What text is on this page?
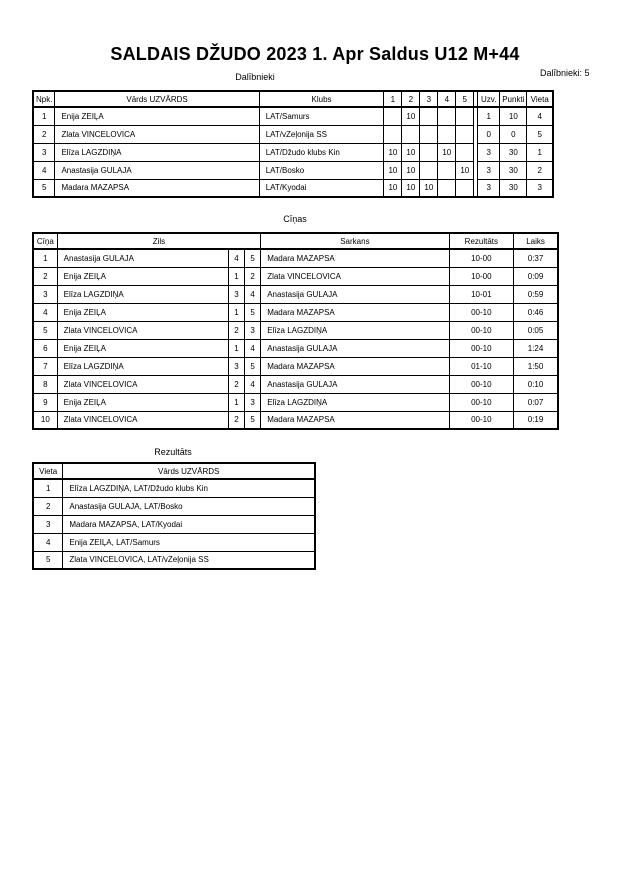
SALDAIS DŽUDO 2023 1. Apr Saldus U12 M+44
Dalībnieki	Dalībnieki: 5
Npk.	Vārds UZVĀRDS	Klubs	1	2	3	4	5		Uzv.	Punkti	Vieta
1	Enija ZEIĻA	LAT/Samurs		10					1	10	4
2	Zlata VINCELOVICA	LAT/vZeļonija SS							0	0	5
3	Elīza LAGZDIŅA	LAT/Džudo klubs Kin	10	10		10			3	30	1
4	Anastasija GULAJA	LAT/Bosko	10	10			10		3	30	2
5	Madara MAZAPSA	LAT/Kyodai	10	10	10				3	30	3
Cīņas
Cīņa	Zils			Sarkans	Rezultāts	Laiks
1	Anastasija GULAJA	4	5	Madara MAZAPSA	10-00	0:37
2	Enija ZEIĻA	1	2	Zlata VINCELOVICA	10-00	0:09
3	Elīza LAGZDIŅA	3	4	Anastasija GULAJA	10-01	0:59
4	Enija ZEIĻA	1	5	Madara MAZAPSA	00-10	0:46
5	Zlata VINCELOVICA	2	3	Elīza LAGZDIŅA	00-10	0:05
6	Enija ZEIĻA	1	4	Anastasija GULAJA	00-10	1:24
7	Elīza LAGZDIŅA	3	5	Madara MAZAPSA	01-10	1:50
8	Zlata VINCELOVICA	2	4	Anastasija GULAJA	00-10	0:10
9	Enija ZEIĻA	1	3	Elīza LAGZDIŅA	00-10	0:07
10	Zlata VINCELOVICA	2	5	Madara MAZAPSA	00-10	0:19
Rezultāts
Vieta	Vārds UZVĀRDS
1	Elīza LAGZDIŅA, LAT/Džudo klubs Kin
2	Anastasija GULAJA, LAT/Bosko
3	Madara MAZAPSA, LAT/Kyodai
4	Enija ZEIĻA, LAT/Samurs
5	Zlata VINCELOVICA, LAT/vZeļonija SS
